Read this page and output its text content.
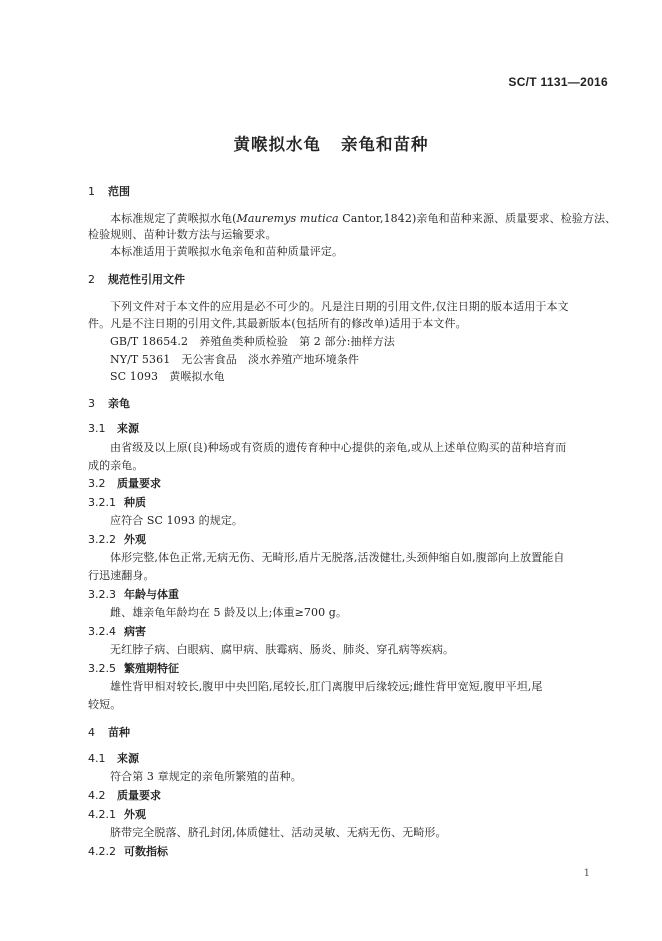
SC/T 1131—2016
黄喉拟水龟 亲龟和苗种
1 范围
本标准规定了黄喉拟水龟(Mauremys mutica Cantor,1842)亲龟和苗种来源、质量要求、检验方法、
检验规则、苗种计数方法与运输要求。
本标准适用于黄喉拟水龟亲龟和苗种质量评定。
2 规范性引用文件
下列文件对于本文件的应用是必不可少的。凡是注日期的引用文件,仅注日期的版本适用于本文
件。凡是不注日期的引用文件,其最新版本(包括所有的修改单)适用于本文件。
GB/T 18654.2　养殖鱼类种质检验　第 2 部分:抽样方法
NY/T 5361　无公害食品　淡水养殖产地环境条件
SC 1093　黄喉拟水龟
3 亲龟
3.1 来源
由省级及以上原(良)种场或有资质的遗传育种中心提供的亲龟,或从上述单位购买的苗种培育而
成的亲龟。
3.2 质量要求
3.2.1 种质
应符合 SC 1093 的规定。
3.2.2 外观
体形完整,体色正常,无病无伤、无畸形,盾片无脱落,活泼健壮,头颈伸缩自如,腹部向上放置能自
行迅速翻身。
3.2.3 年龄与体重
雌、雄亲龟年龄均在 5 龄及以上;体重≥700 g。
3.2.4 病害
无红脖子病、白眼病、腐甲病、肤霉病、肠炎、肺炎、穿孔病等疾病。
3.2.5 繁殖期特征
雄性背甲相对较长,腹甲中央凹陷,尾较长,肛门离腹甲后缘较远;雌性背甲宽短,腹甲平坦,尾
较短。
4 苗种
4.1 来源
符合第 3 章规定的亲龟所繁殖的苗种。
4.2 质量要求
4.2.1 外观
脐带完全脱落、脐孔封闭,体质健壮、活动灵敏、无病无伤、无畸形。
4.2.2 可数指标
1
